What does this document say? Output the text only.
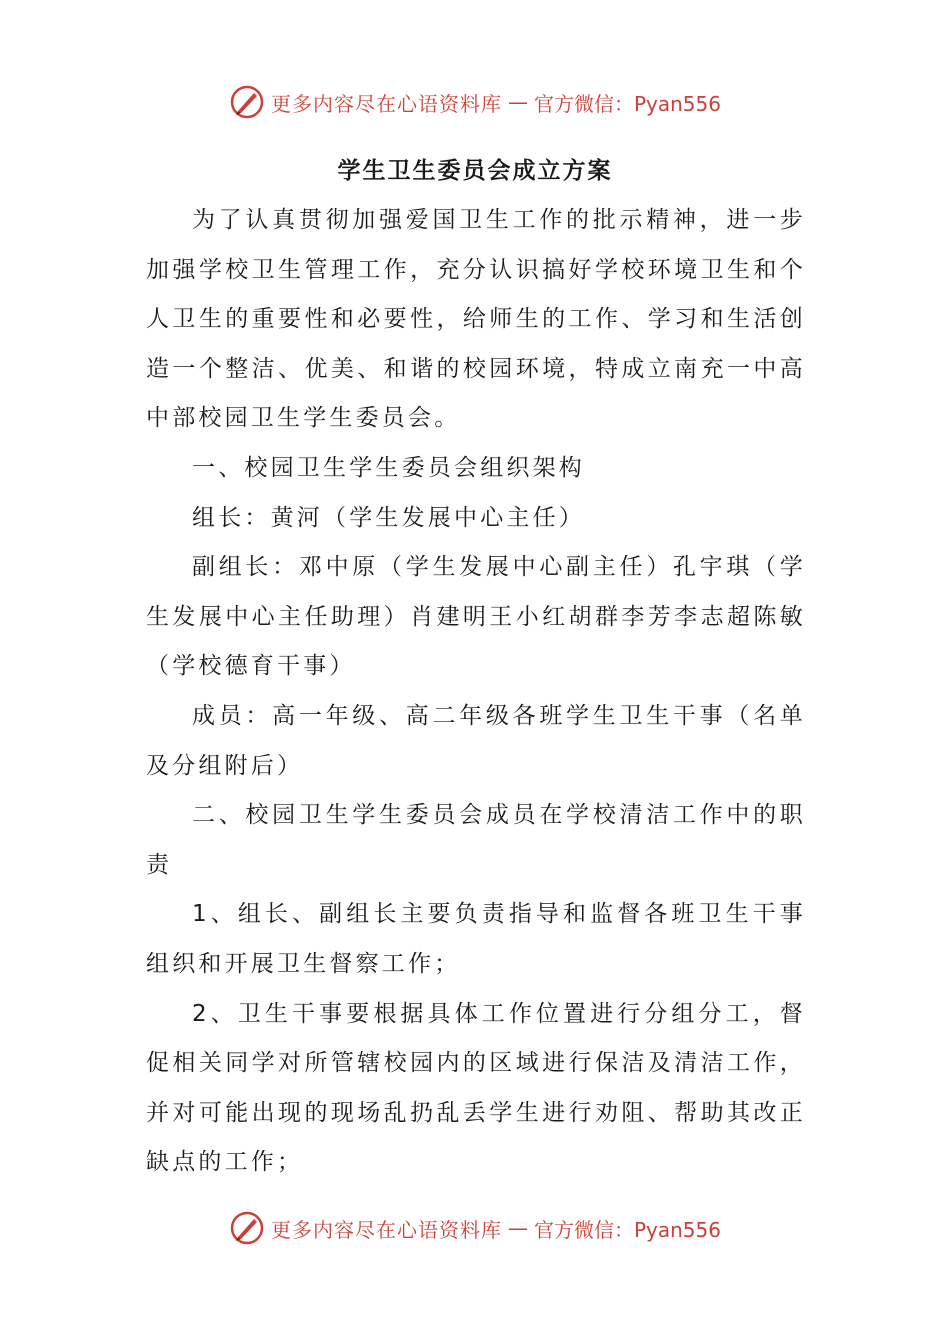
更多内容尽在心语资料库 — 官方微信：Pyan556
学生卫生委员会成立方案

为了认真贯彻加强爱国卫生工作的批示精神，进一步加强学校卫生管理工作，充分认识搞好学校环境卫生和个人卫生的重要性和必要性，给师生的工作、学习和生活创造一个整洁、优美、和谐的校园环境，特成立南充一中高中部校园卫生学生委员会。

一、校园卫生学生委员会组织架构

组长：黄河（学生发展中心主任）

副组长：邓中原（学生发展中心副主任）孔宇琪（学生发展中心主任助理）肖建明王小红胡群李芳李志超陈敏（学校德育干事）

成员：高一年级、高二年级各班学生卫生干事（名单及分组附后）

二、校园卫生学生委员会成员在学校清洁工作中的职责

1、组长、副组长主要负责指导和监督各班卫生干事组织和开展卫生督察工作；

2、卫生干事要根据具体工作位置进行分组分工，督促相关同学对所管辖校园内的区域进行保洁及清洁工作，并对可能出现的现场乱扔乱丢学生进行劝阻、帮助其改正缺点的工作；

更多内容尽在心语资料库 — 官方微信：Pyan556
